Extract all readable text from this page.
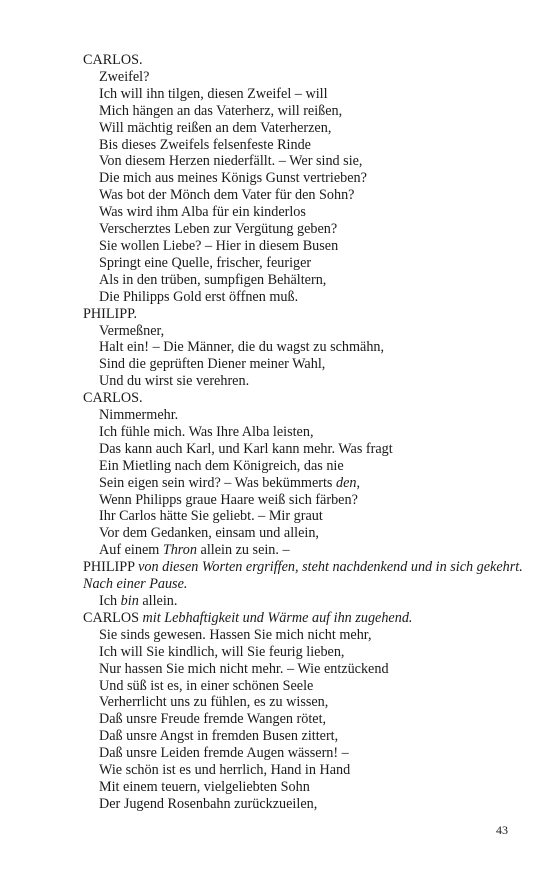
CARLOS.
Zweifel?
Ich will ihn tilgen, diesen Zweifel – will
Mich hängen an das Vaterherz, will reißen,
Will mächtig reißen an dem Vaterherzen,
Bis dieses Zweifels felsenfeste Rinde
Von diesem Herzen niederfällt. – Wer sind sie,
Die mich aus meines Königs Gunst vertrieben?
Was bot der Mönch dem Vater für den Sohn?
Was wird ihm Alba für ein kinderlos
Verscherztes Leben zur Vergütung geben?
Sie wollen Liebe? – Hier in diesem Busen
Springt eine Quelle, frischer, feuriger
Als in den trüben, sumpfigen Behältern,
Die Philipps Gold erst öffnen muß.
PHILIPP.
Vermeßner,
Halt ein! – Die Männer, die du wagst zu schmähn,
Sind die geprüften Diener meiner Wahl,
Und du wirst sie verehren.
CARLOS.
Nimmermehr.
Ich fühle mich. Was Ihre Alba leisten,
Das kann auch Karl, und Karl kann mehr. Was fragt
Ein Mietling nach dem Königreich, das nie
Sein eigen sein wird? – Was bekümmerts den,
Wenn Philipps graue Haare weiß sich färben?
Ihr Carlos hätte Sie geliebt. – Mir graut
Vor dem Gedanken, einsam und allein,
Auf einem Thron allein zu sein. –
PHILIPP von diesen Worten ergriffen, steht nachdenkend und in sich gekehrt. Nach einer Pause.
Ich bin allein.
CARLOS mit Lebhaftigkeit und Wärme auf ihn zugehend.
Sie sinds gewesen. Hassen Sie mich nicht mehr,
Ich will Sie kindlich, will Sie feurig lieben,
Nur hassen Sie mich nicht mehr. – Wie entzückend
Und süß ist es, in einer schönen Seele
Verherrlicht uns zu fühlen, es zu wissen,
Daß unsre Freude fremde Wangen rötet,
Daß unsre Angst in fremden Busen zittert,
Daß unsre Leiden fremde Augen wässern! –
Wie schön ist es und herrlich, Hand in Hand
Mit einem teuern, vielgeliebten Sohn
Der Jugend Rosenbahn zurückzueilen,
43
